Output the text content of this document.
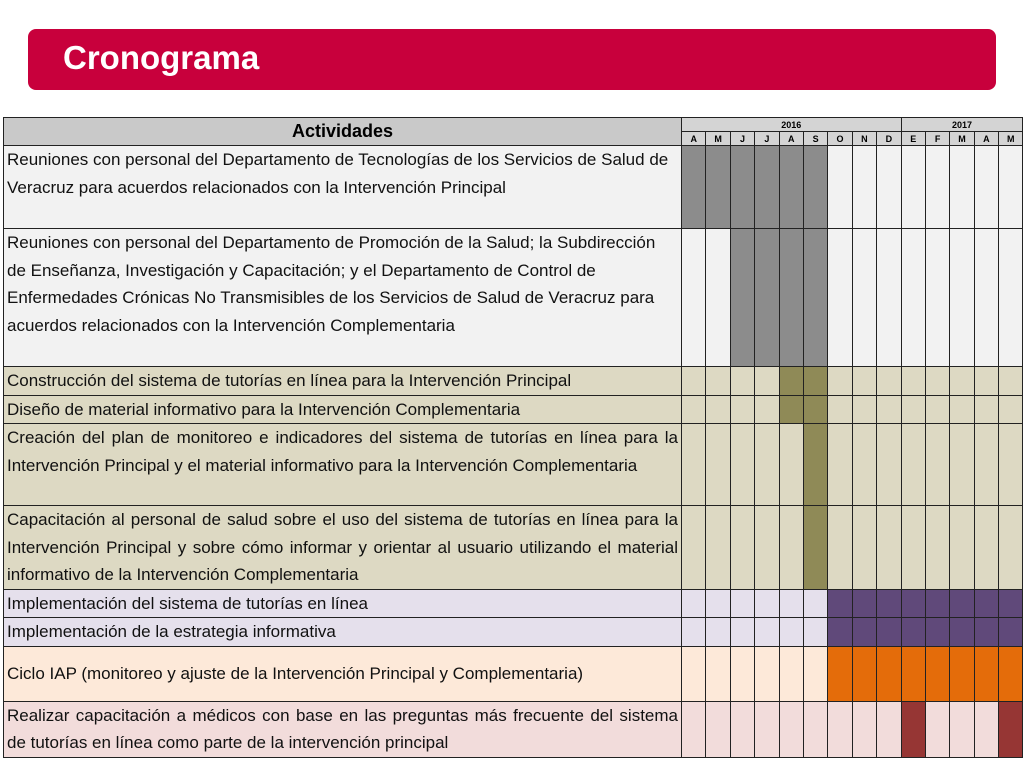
Cronograma
Actividades	2016									2017				
	A	M	J	J	A	S	O	N	D	E	F	M	A	M
Reuniones con personal del Departamento de Tecnologías de los Servicios de Salud de Veracruz para acuerdos relacionados con la Intervención Principal														
Reuniones con personal del Departamento de Promoción de la Salud; la Subdirección de Enseñanza, Investigación y Capacitación; y el Departamento de Control de Enfermedades Crónicas No Transmisibles de los Servicios de Salud de Veracruz para acuerdos relacionados con la Intervención Complementaria														
Construcción del sistema de tutorías en línea para la Intervención Principal														
Diseño de material informativo para la Intervención Complementaria														
Creación del plan de monitoreo e indicadores del sistema de tutorías en línea para la Intervención Principal y el material informativo para la Intervención Complementaria														
Capacitación al personal de salud sobre el uso del sistema de tutorías en línea para la Intervención Principal y sobre cómo informar y orientar al usuario utilizando el material informativo de la Intervención Complementaria														
Implementación del sistema de tutorías en línea														
Implementación de la estrategia informativa														
Ciclo IAP (monitoreo y ajuste de la Intervención Principal y Complementaria)														
Realizar capacitación a médicos con base en las preguntas más frecuente del sistema de tutorías en línea como parte de la intervención principal														
